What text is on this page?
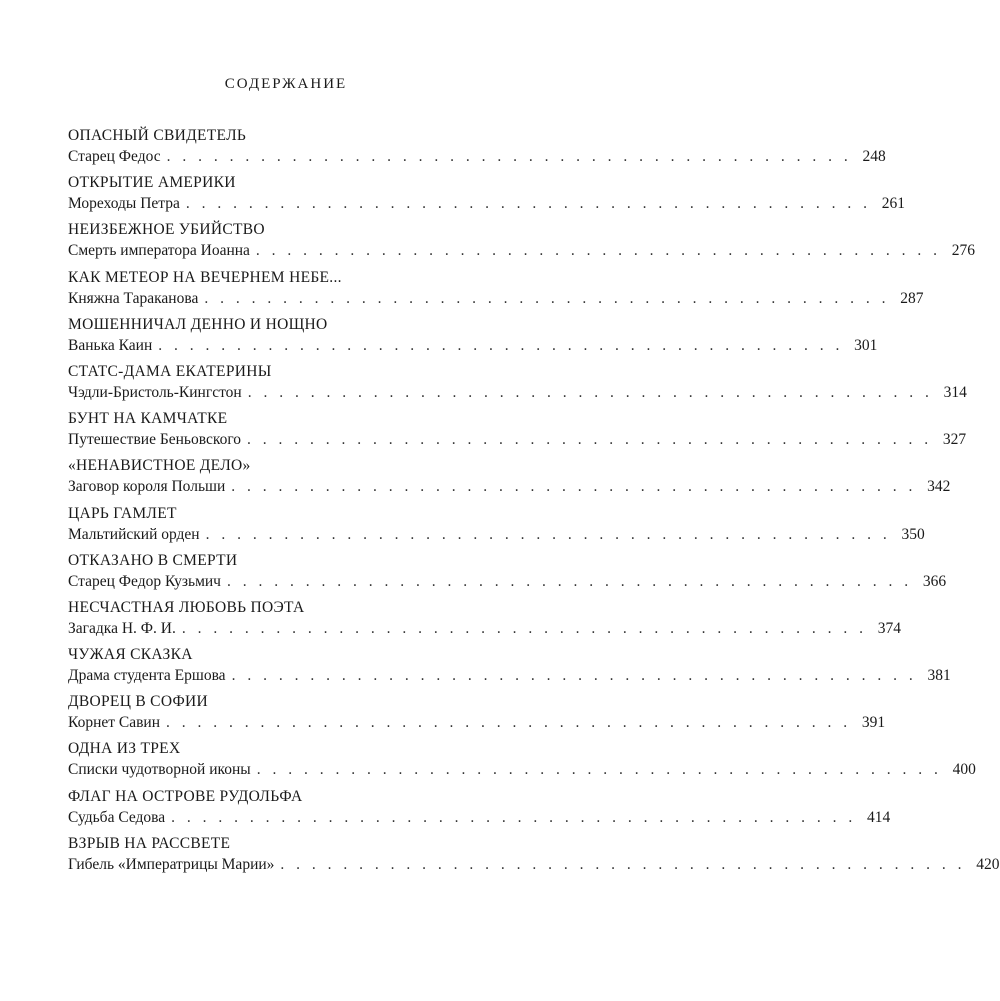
СОДЕРЖАНИЕ
ОПАСНЫЙ СВИДЕТЕЛЬ
Старец Федос . . . . . . . . . . . . . . . . . . . . . . . . . . . . . . . . . . . . . . . . . . . . 248
ОТКРЫТИЕ АМЕРИКИ
Мореходы Петра . . . . . . . . . . . . . . . . . . . . . . . . . . . . . . . . . . . . . . . . . . . . 261
НЕИЗБЕЖНОЕ УБИЙСТВО
Смерть императора Иоанна . . . . . . . . . . . . . . . . . . . . . . . . . . . . . . . . . . . . . . . . . . . . 276
КАК МЕТЕОР НА ВЕЧЕРНЕМ НЕБЕ...
Княжна Тараканова . . . . . . . . . . . . . . . . . . . . . . . . . . . . . . . . . . . . . . . . . . . . 287
МОШЕННИЧАЛ ДЕННО И НОЩНО
Ванька Каин . . . . . . . . . . . . . . . . . . . . . . . . . . . . . . . . . . . . . . . . . . . . 301
СТАТС-ДАМА ЕКАТЕРИНЫ
Чэдли-Бристоль-Кингстон . . . . . . . . . . . . . . . . . . . . . . . . . . . . . . . . . . . . . . . . . . . . 314
БУНТ НА КАМЧАТКЕ
Путешествие Беньовского . . . . . . . . . . . . . . . . . . . . . . . . . . . . . . . . . . . . . . . . . . . . 327
«НЕНАВИСТНОЕ ДЕЛО»
Заговор короля Польши . . . . . . . . . . . . . . . . . . . . . . . . . . . . . . . . . . . . . . . . . . . . 342
ЦАРЬ ГАМЛЕТ
Мальтийский орден . . . . . . . . . . . . . . . . . . . . . . . . . . . . . . . . . . . . . . . . . . . . 350
ОТКАЗАНО В СМЕРТИ
Старец Федор Кузьмич . . . . . . . . . . . . . . . . . . . . . . . . . . . . . . . . . . . . . . . . . . . . 366
НЕСЧАСТНАЯ ЛЮБОВЬ ПОЭТА
Загадка Н. Ф. И. . . . . . . . . . . . . . . . . . . . . . . . . . . . . . . . . . . . . . . . . . . . . 374
ЧУЖАЯ СКАЗКА
Драма студента Ершова . . . . . . . . . . . . . . . . . . . . . . . . . . . . . . . . . . . . . . . . . . . . 381
ДВОРЕЦ В СОФИИ
Корнет Савин . . . . . . . . . . . . . . . . . . . . . . . . . . . . . . . . . . . . . . . . . . . . 391
ОДНА ИЗ ТРЕХ
Списки чудотворной иконы . . . . . . . . . . . . . . . . . . . . . . . . . . . . . . . . . . . . . . . . . . . . 400
ФЛАГ НА ОСТРОВЕ РУДОЛЬФА
Судьба Седова . . . . . . . . . . . . . . . . . . . . . . . . . . . . . . . . . . . . . . . . . . . . 414
ВЗРЫВ НА РАССВЕТЕ
Гибель «Императрицы Марии» . . . . . . . . . . . . . . . . . . . . . . . . . . . . . . . . . . . . . . . . . . . . 420
